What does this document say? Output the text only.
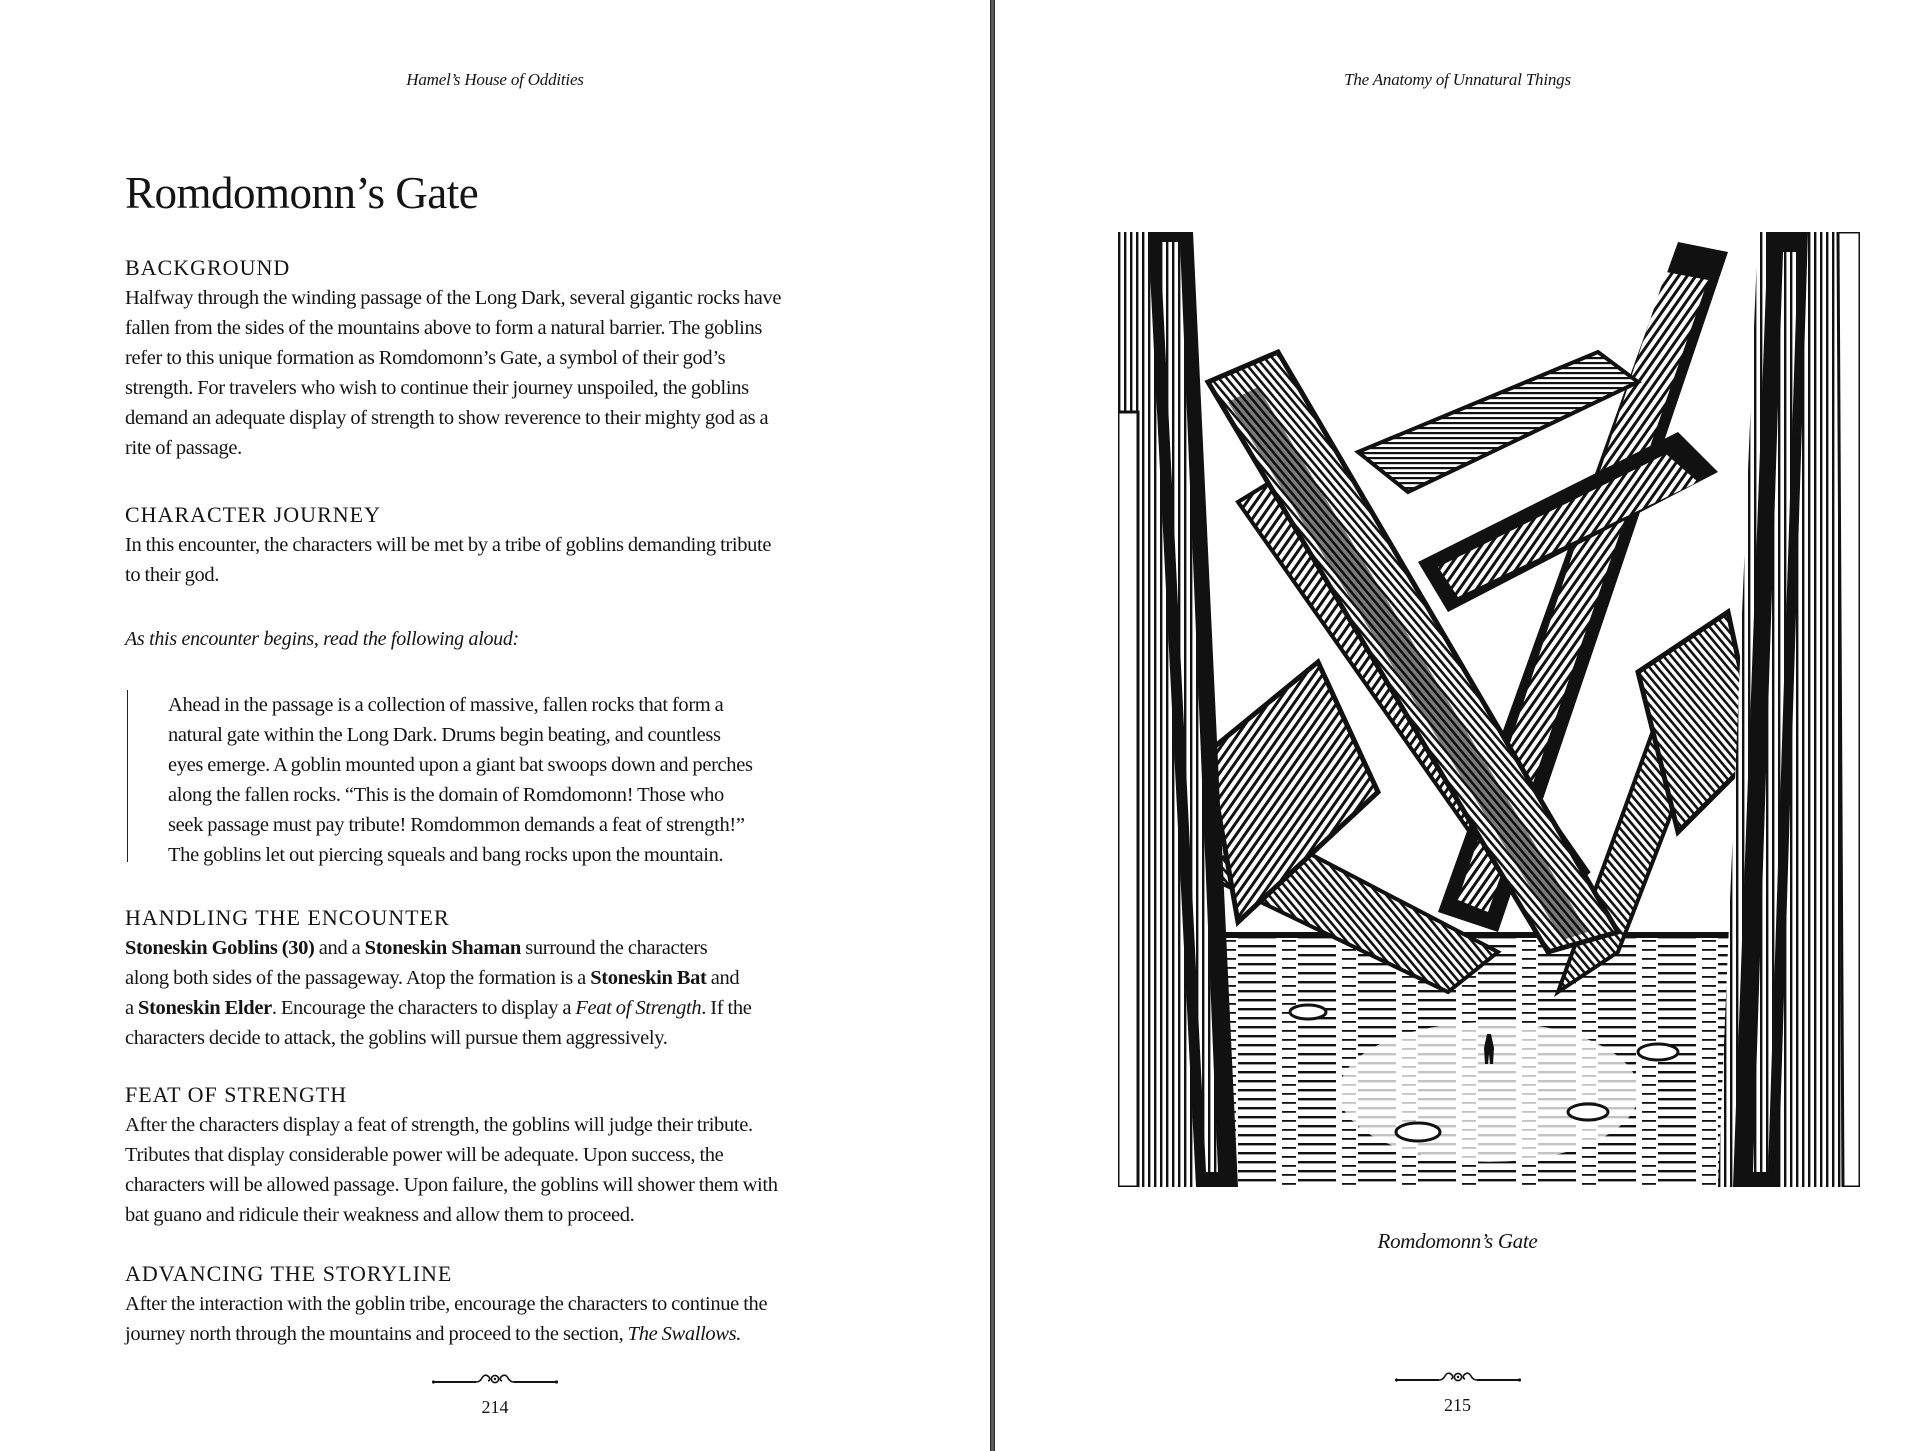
Hamel’s House of Oddities
Romdomonn’s Gate
BACKGROUND

Halfway through the winding passage of the Long Dark, several gigantic rocks have
fallen from the sides of the mountains above to form a natural barrier. The goblins
refer to this unique formation as Romdomonn’s Gate, a symbol of their god’s
strength. For travelers who wish to continue their journey unspoiled, the goblins
demand an adequate display of strength to show reverence to their mighty god as a
rite of passage.

CHARACTER JOURNEY

In this encounter, the characters will be met by a tribe of goblins demanding tribute
to their god.

As this encounter begins, read the following aloud:

Ahead in the passage is a collection of massive, fallen rocks that form a
natural gate within the Long Dark. Drums begin beating, and countless
eyes emerge. A goblin mounted upon a giant bat swoops down and perches
along the fallen rocks. “This is the domain of Romdomonn! Those who
seek passage must pay tribute! Romdommon demands a feat of strength!”
The goblins let out piercing squeals and bang rocks upon the mountain.

HANDLING THE ENCOUNTER

Stoneskin Goblins (30) and a Stoneskin Shaman surround the characters
along both sides of the passageway. Atop the formation is a Stoneskin Bat and
a Stoneskin Elder. Encourage the characters to display a Feat of Strength. If the
characters decide to attack, the goblins will pursue them aggressively.

FEAT OF STRENGTH

After the characters display a feat of strength, the goblins will judge their tribute.
Tributes that display considerable power will be adequate. Upon success, the
characters will be allowed passage. Upon failure, the goblins will shower them with
bat guano and ridicule their weakness and allow them to proceed.

ADVANCING THE STORYLINE

After the interaction with the goblin tribe, encourage the characters to continue the
journey north through the mountains and proceed to the section, The Swallows.

214
The Anatomy of Unnatural Things
Romdomonn’s Gate
215
